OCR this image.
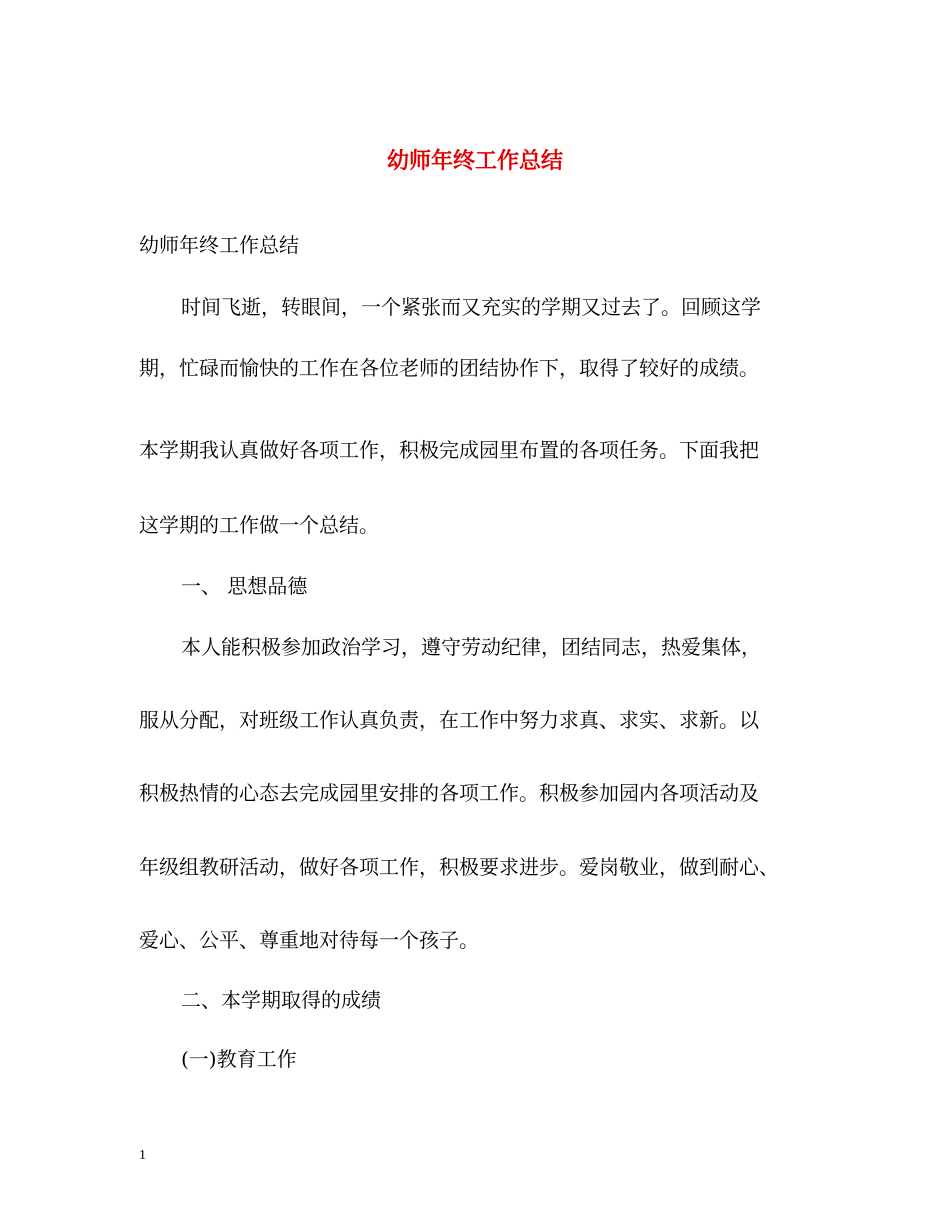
幼师年终工作总结
幼师年终工作总结
时间飞逝，转眼间，一个紧张而又充实的学期又过去了。回顾这学
期，忙碌而愉快的工作在各位老师的团结协作下，取得了较好的成绩。
本学期我认真做好各项工作，积极完成园里布置的各项任务。下面我把
这学期的工作做一个总结。
一、 思想品德
本人能积极参加政治学习，遵守劳动纪律，团结同志，热爱集体，
服从分配，对班级工作认真负责，在工作中努力求真、求实、求新。以
积极热情的心态去完成园里安排的各项工作。积极参加园内各项活动及
年级组教研活动，做好各项工作，积极要求进步。爱岗敬业，做到耐心、
爱心、公平、尊重地对待每一个孩子。
二、本学期取得的成绩
(一)教育工作
1
